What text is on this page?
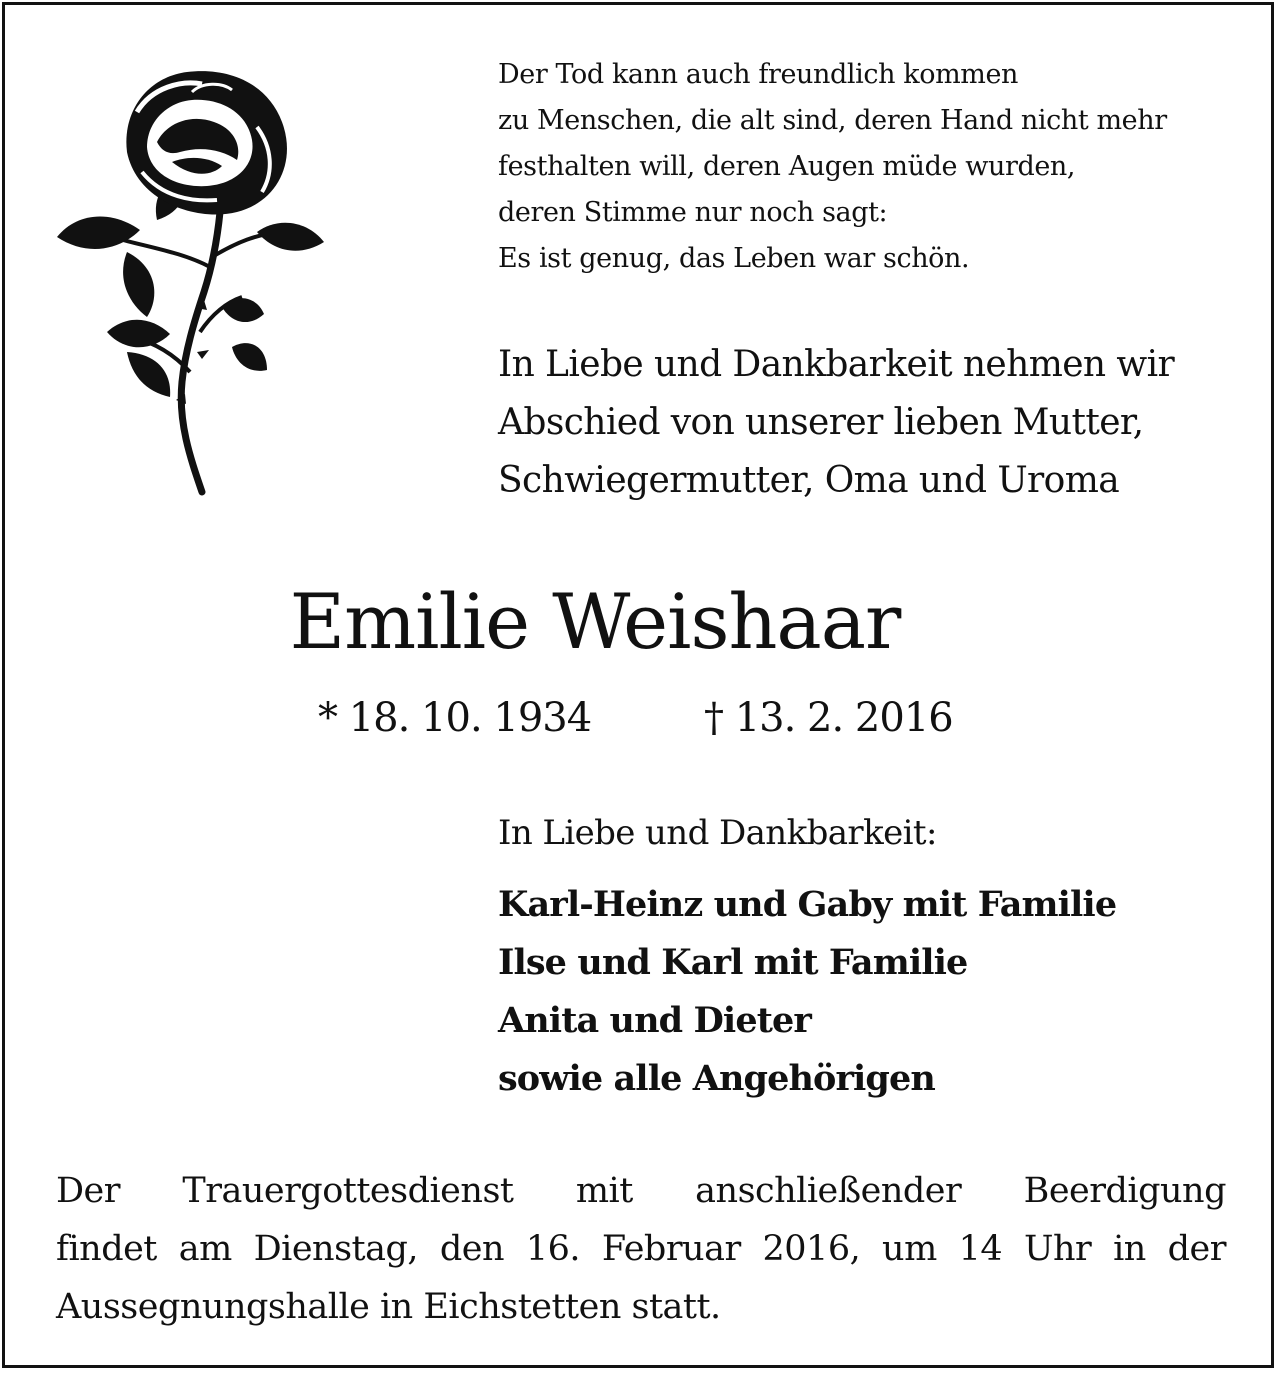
Der Tod kann auch freundlich kommen
zu Menschen, die alt sind, deren Hand nicht mehr
festhalten will, deren Augen müde wurden,
deren Stimme nur noch sagt:
Es ist genug, das Leben war schön.
In Liebe und Dankbarkeit nehmen wir
Abschied von unserer lieben Mutter,
Schwiegermutter, Oma und Uroma
Emilie Weishaar
* 18. 10. 1934	† 13. 2. 2016
In Liebe und Dankbarkeit:
Karl-Heinz und Gaby mit Familie
Ilse und Karl mit Familie
Anita und Dieter
sowie alle Angehörigen
Der Trauergottesdienst mit anschließender Beerdigung
findet am Dienstag, den 16. Februar 2016, um 14 Uhr in der
Aussegnungshalle in Eichstetten statt.
